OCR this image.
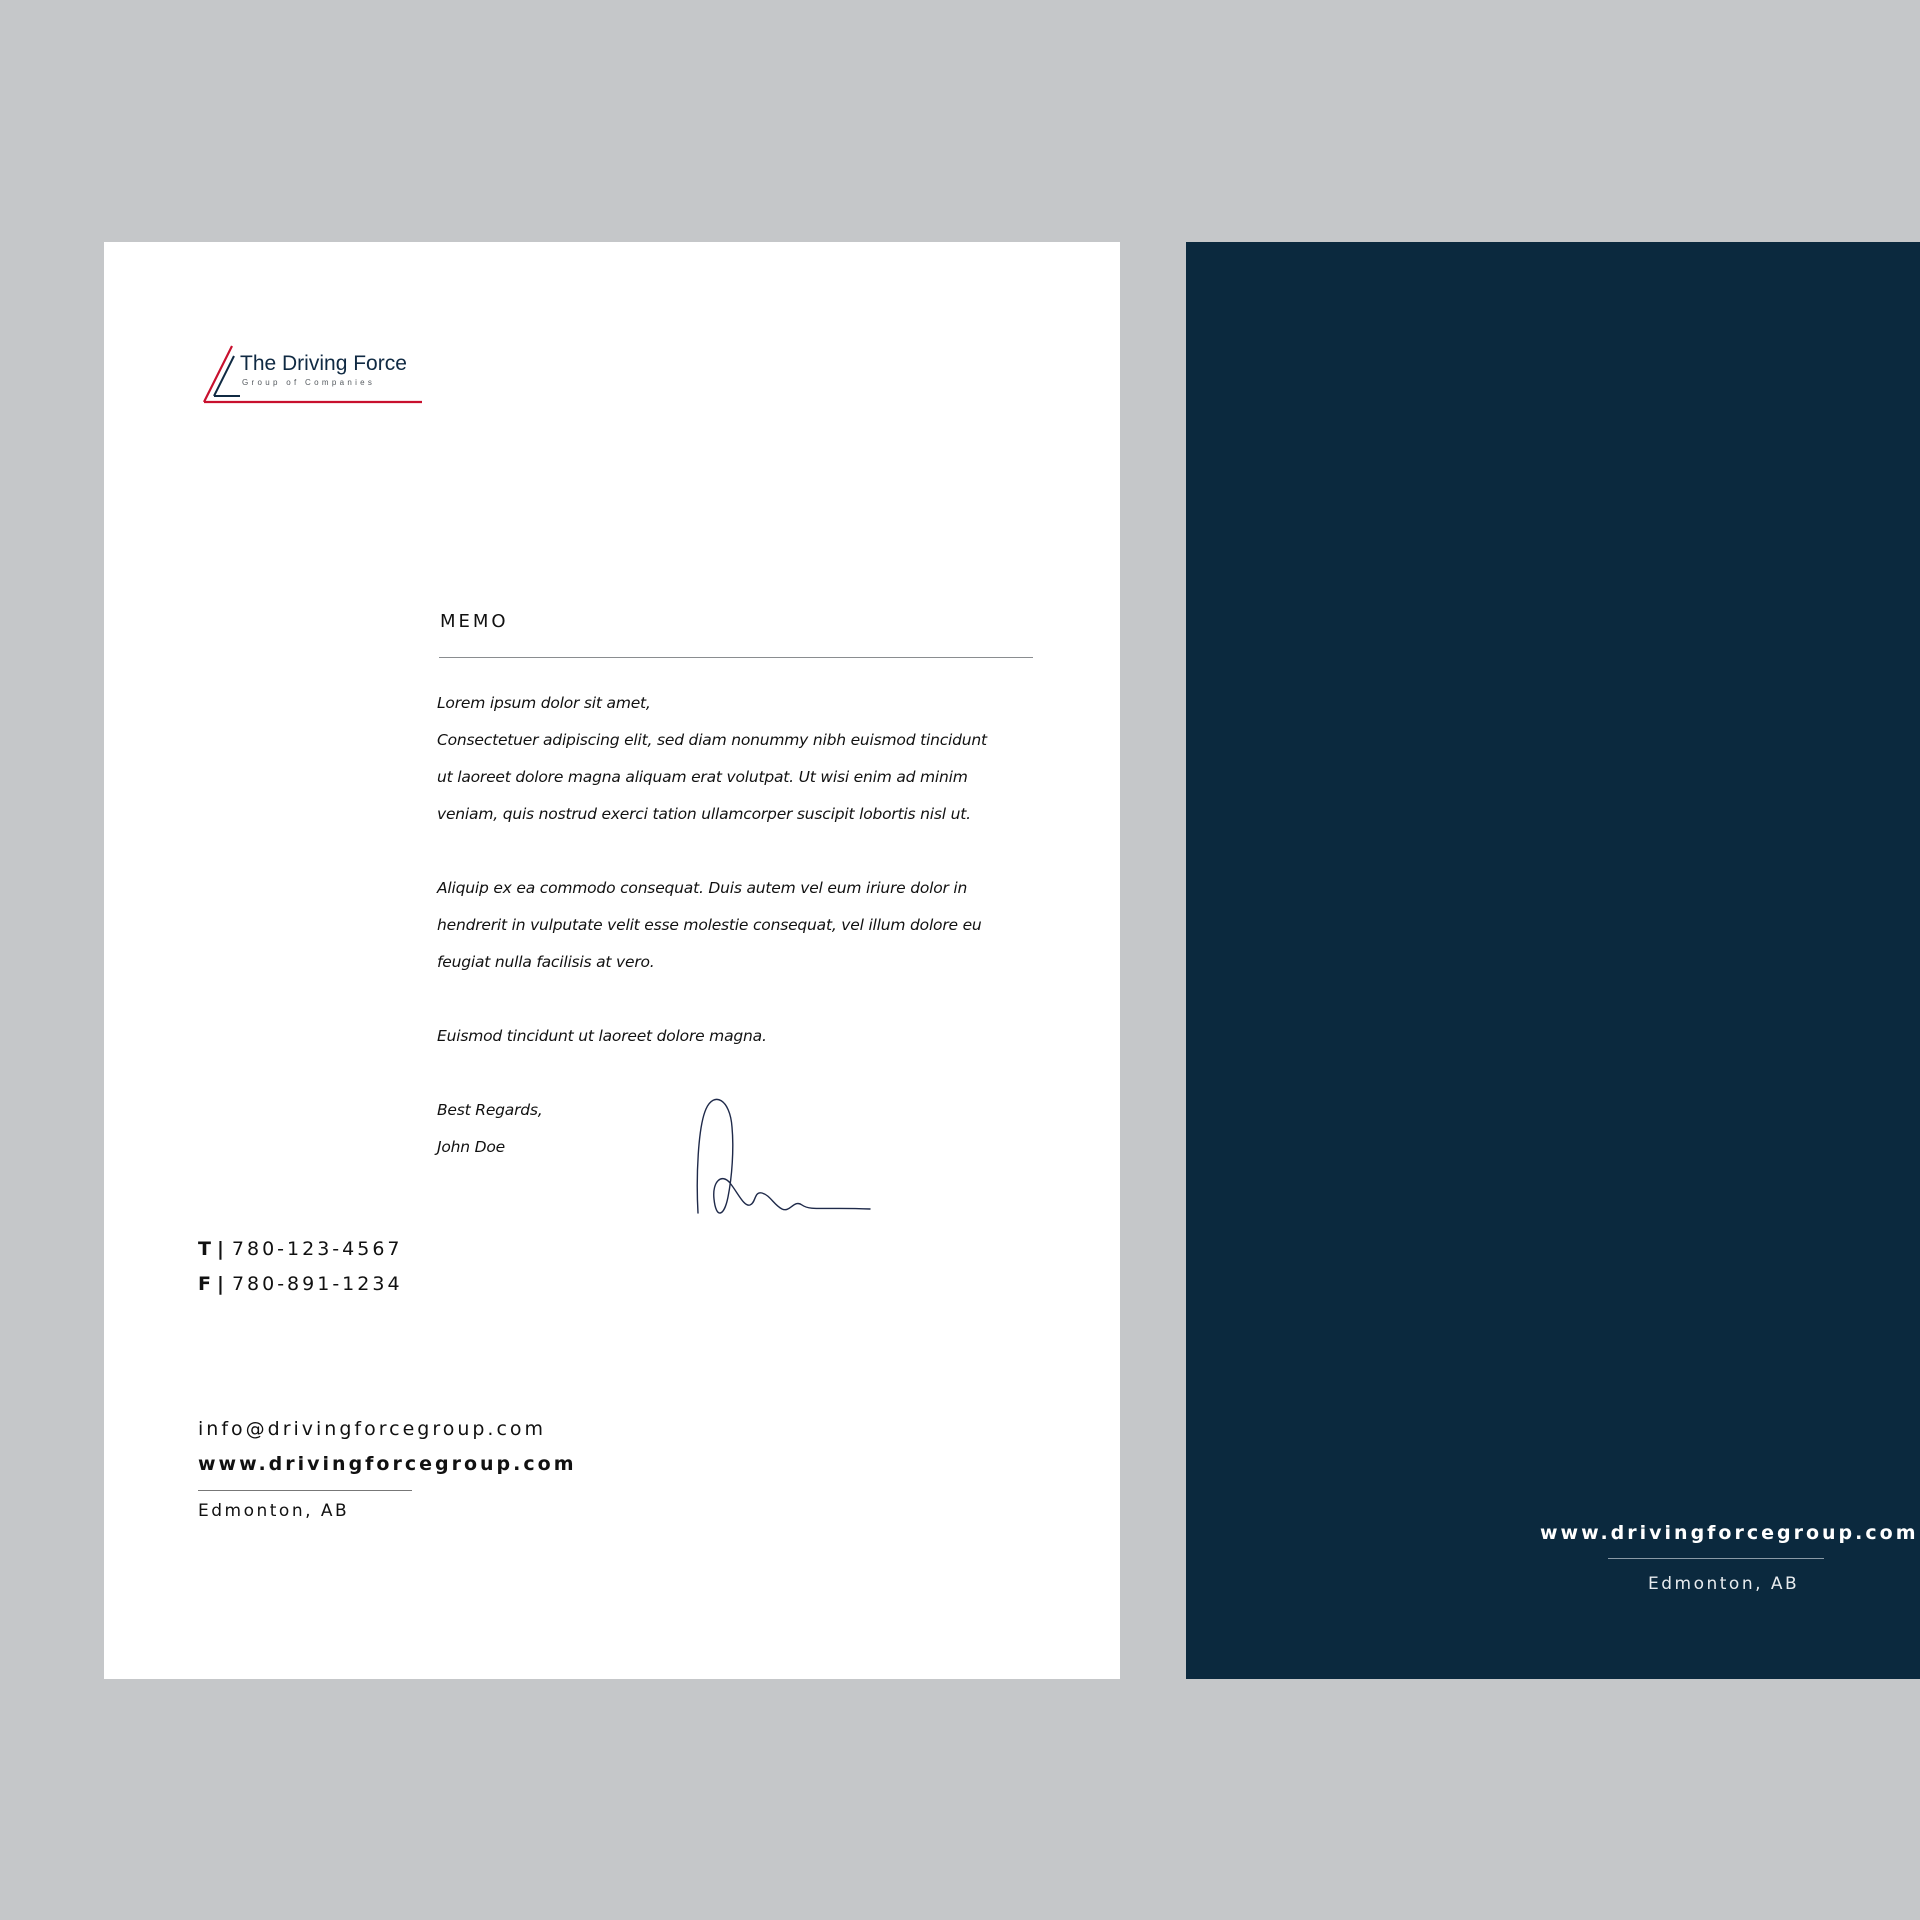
The Driving Force
Group of Companies
MEMO

Lorem ipsum dolor sit amet,

Consectetuer adipiscing elit, sed diam nonummy nibh euismod tincidunt

ut laoreet dolore magna aliquam erat volutpat. Ut wisi enim ad minim

veniam, quis nostrud exerci tation ullamcorper suscipit lobortis nisl ut.

Aliquip ex ea commodo consequat. Duis autem vel eum iriure dolor in

hendrerit in vulputate velit esse molestie consequat, vel illum dolore eu

feugiat nulla facilisis at vero.

Euismod tincidunt ut laoreet dolore magna.

Best Regards,

John Doe

T | 780-123-4567
F | 780-891-1234
info@drivingforcegroup.com
www.drivingforcegroup.com
Edmonton, AB
www.drivingforcegroup.com
Edmonton, AB
